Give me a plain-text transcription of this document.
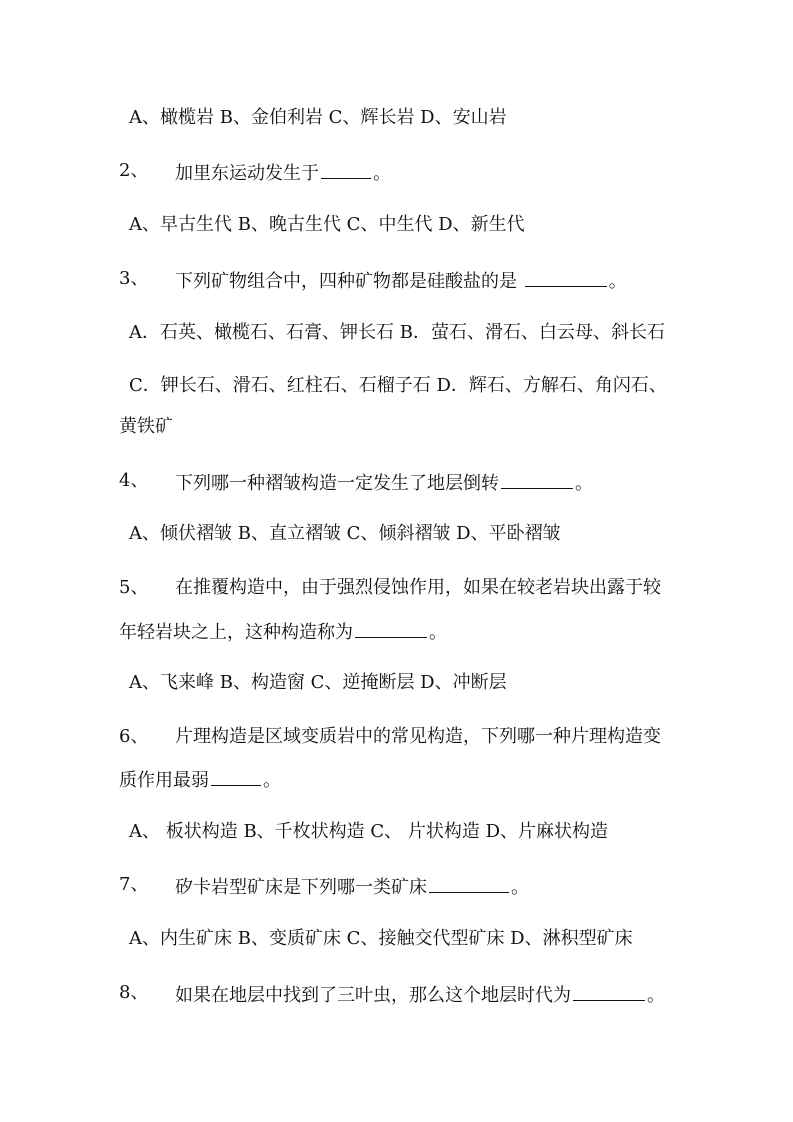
A、橄榄岩 B、金伯利岩 C、辉长岩 D、安山岩
2、 加里东运动发生于	。
A、早古生代 B、晚古生代 C、中生代 D、新生代
3、 下列矿物组合中，四种矿物都是硅酸盐的是	。
A．石英、橄榄石、石膏、钾长石 B．萤石、滑石、白云母、斜长石
C．钾长石、滑石、红柱石、石榴子石 D．辉石、方解石、角闪石、
黄铁矿
4、 下列哪一种褶皱构造一定发生了地层倒转	。
A、倾伏褶皱 B、直立褶皱 C、倾斜褶皱 D、平卧褶皱
5、 在推覆构造中，由于强烈侵蚀作用，如果在较老岩块出露于较
年轻岩块之上，这种构造称为	。
A、飞来峰 B、构造窗 C、逆掩断层 D、冲断层
6、 片理构造是区域变质岩中的常见构造，下列哪一种片理构造变
质作用最弱	。
A、 板状构造 B、千枚状构造 C、 片状构造 D、片麻状构造
7、 矽卡岩型矿床是下列哪一类矿床	。
A、内生矿床 B、变质矿床 C、接触交代型矿床 D、淋积型矿床
8、 如果在地层中找到了三叶虫，那么这个地层时代为	。
